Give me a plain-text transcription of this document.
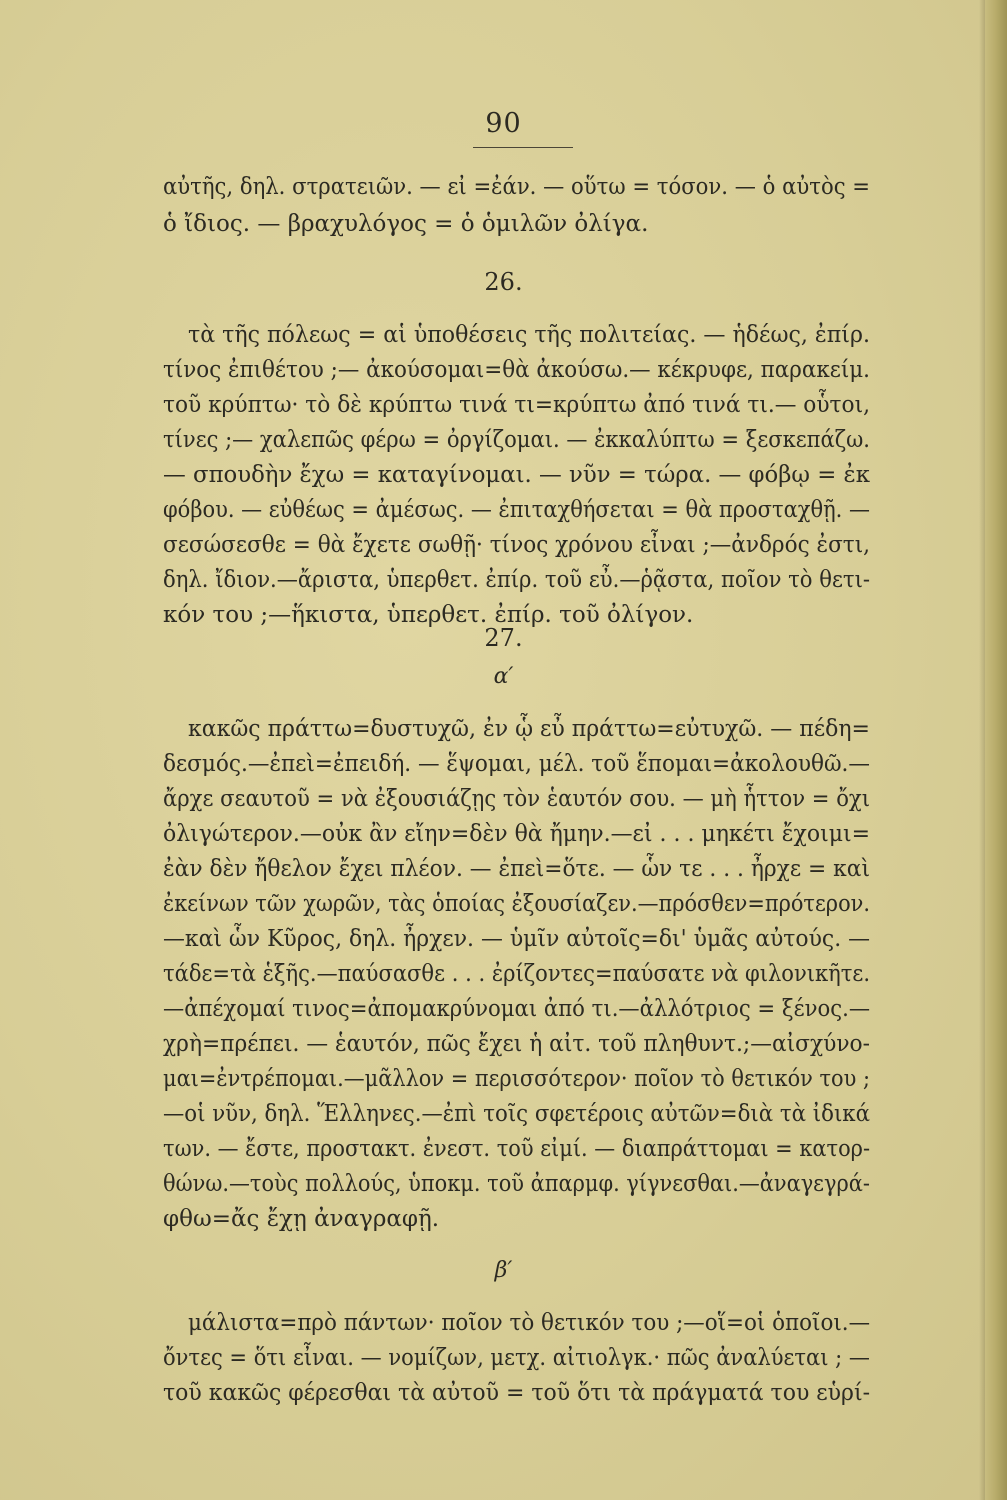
90
αὐτῆς, δηλ. στρατειῶν. — εἰ =ἐάν. — οὕτω = τόσον. — ὁ αὐτὸς =
ὁ ἴδιος. — βραχυλόγος = ὁ ὁμιλῶν ὀλίγα.
26.
τὰ τῆς πόλεως = αἱ ὑποθέσεις τῆς πολιτείας. — ἡδέως, ἐπίρ.
τίνος ἐπιθέτου ;— ἀκούσομαι=θὰ ἀκούσω.— κέκρυφε, παρακείμ.
τοῦ κρύπτω· τὸ δὲ κρύπτω τινά τι=κρύπτω ἀπό τινά τι.— οὗτοι,
τίνες ;— χαλεπῶς φέρω = ὀργίζομαι. — ἐκκαλύπτω = ξεσκεπάζω.
— σπουδὴν ἔχω = καταγίνομαι. — νῦν = τώρα. — φόβῳ = ἐκ
φόβου. — εὐθέως = ἀμέσως. — ἐπιταχθήσεται = θὰ προσταχθῇ. —
σεσώσεσθε = θὰ ἔχετε σωθῇ· τίνος χρόνου εἶναι ;—ἀνδρός ἐστι,
δηλ. ἴδιον.—ἄριστα, ὑπερθετ. ἐπίρ. τοῦ εὖ.—ῥᾷστα, ποῖον τὸ θετι-
κόν του ;—ἥκιστα, ὑπερθετ. ἐπίρ. τοῦ ὀλίγον.
27.
α′
κακῶς πράττω=δυστυχῶ, ἐν ᾧ εὖ πράττω=εὐτυχῶ. — πέδη=
δεσμός.—ἐπεὶ=ἐπειδή. — ἕψομαι, μέλ. τοῦ ἕπομαι=ἀκολουθῶ.—
ἄρχε σεαυτοῦ = νὰ ἐξουσιάζῃς τὸν ἑαυτόν σου. — μὴ ἧττον = ὄχι
ὀλιγώτερον.—οὐκ ἂν εἴην=δὲν θὰ ἤμην.—εἰ . . . μηκέτι ἔχοιμι=
ἐὰν δὲν ἤθελον ἔχει πλέον. — ἐπεὶ=ὅτε. — ὧν τε . . . ἦρχε = καὶ
ἐκείνων τῶν χωρῶν, τὰς ὁποίας ἐξουσίαζεν.—πρόσθεν=πρότερον.
—καὶ ὧν Κῦρος, δηλ. ἦρχεν. — ὑμῖν αὐτοῖς=δι' ὑμᾶς αὐτούς. —
τάδε=τὰ ἑξῆς.—παύσασθε . . . ἐρίζοντες=παύσατε νὰ φιλονικῆτε.
—ἀπέχομαί τινος=ἀπομακρύνομαι ἀπό τι.—ἀλλότριος = ξένος.—
χρὴ=πρέπει. — ἑαυτόν, πῶς ἔχει ἡ αἰτ. τοῦ πληθυντ.;—αἰσχύνο-
μαι=ἐντρέπομαι.—μᾶλλον = περισσότερον· ποῖον τὸ θετικόν του ;
—οἱ νῦν, δηλ. Ἕλληνες.—ἐπὶ τοῖς σφετέροις αὐτῶν=διὰ τὰ ἰδικά
των. — ἔστε, προστακτ. ἐνεστ. τοῦ εἰμί. — διαπράττομαι = κατορ-
θώνω.—τοὺς πολλούς, ὑποκμ. τοῦ ἀπαρμφ. γίγνεσθαι.—ἀναγεγρά-
φθω=ἄς ἔχῃ ἀναγραφῇ.
β′
μάλιστα=πρὸ πάντων· ποῖον τὸ θετικόν του ;—οἵ=οἱ ὁποῖοι.—
ὄντες = ὅτι εἶναι. — νομίζων, μετχ. αἰτιολγκ.· πῶς ἀναλύεται ; —
τοῦ κακῶς φέρεσθαι τὰ αὐτοῦ = τοῦ ὅτι τὰ πράγματά του εὑρί-
